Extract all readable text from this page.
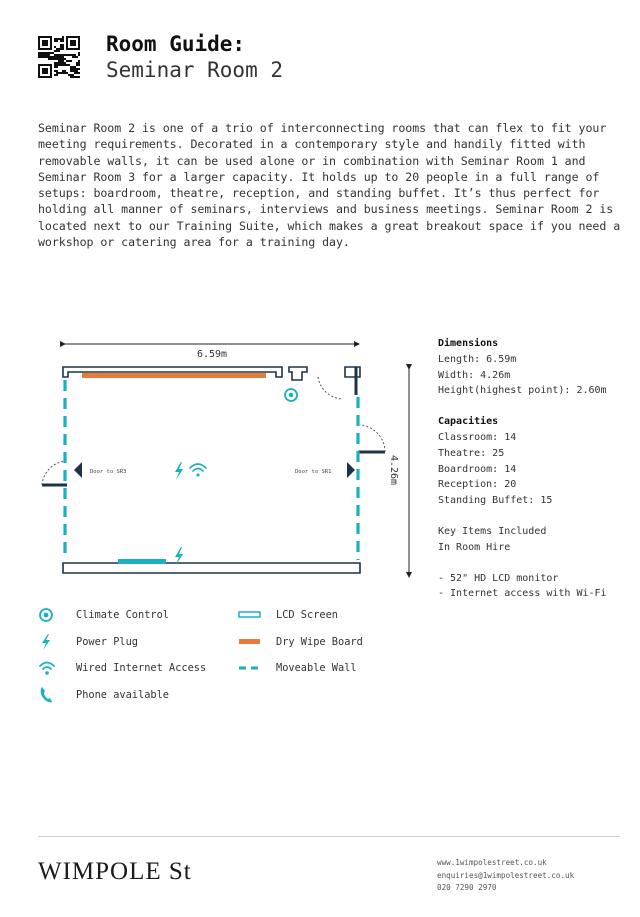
Room Guide:
Seminar Room 2
Seminar Room 2 is one of a trio of interconnecting rooms that can flex to fit your meeting requirements. Decorated in a contemporary style and handily fitted with removable walls, it can be used alone or in combination with Seminar Room 1 and Seminar Room 3 for a larger capacity. It holds up to 20 people in a full range of setups: boardroom, theatre, reception, and standing buffet. It’s thus perfect for holding all manner of seminars, interviews and business meetings. Seminar Room 2 is located next to our Training Suite, which makes a great breakout space if you need a workshop or catering area for a training day.
6.59m
4.26m
Door to SR3	Door to SR1
Dimensions
Length: 6.59m
Width: 4.26m
Height(highest point): 2.60m
Capacities
Classroom: 14
Theatre: 25
Boardroom: 14
Reception: 20
Standing Buffet: 15
Key Items Included
In Room Hire
- 52" HD LCD monitor
- Internet access with Wi-Fi
Climate Control
Power Plug
Wired Internet Access
Phone available
LCD Screen
Dry Wipe Board
Moveable Wall
WIMPOLE St	www.1wimpolestreet.co.uk
enquiries@1wimpolestreet.co.uk
020 7290 2970
